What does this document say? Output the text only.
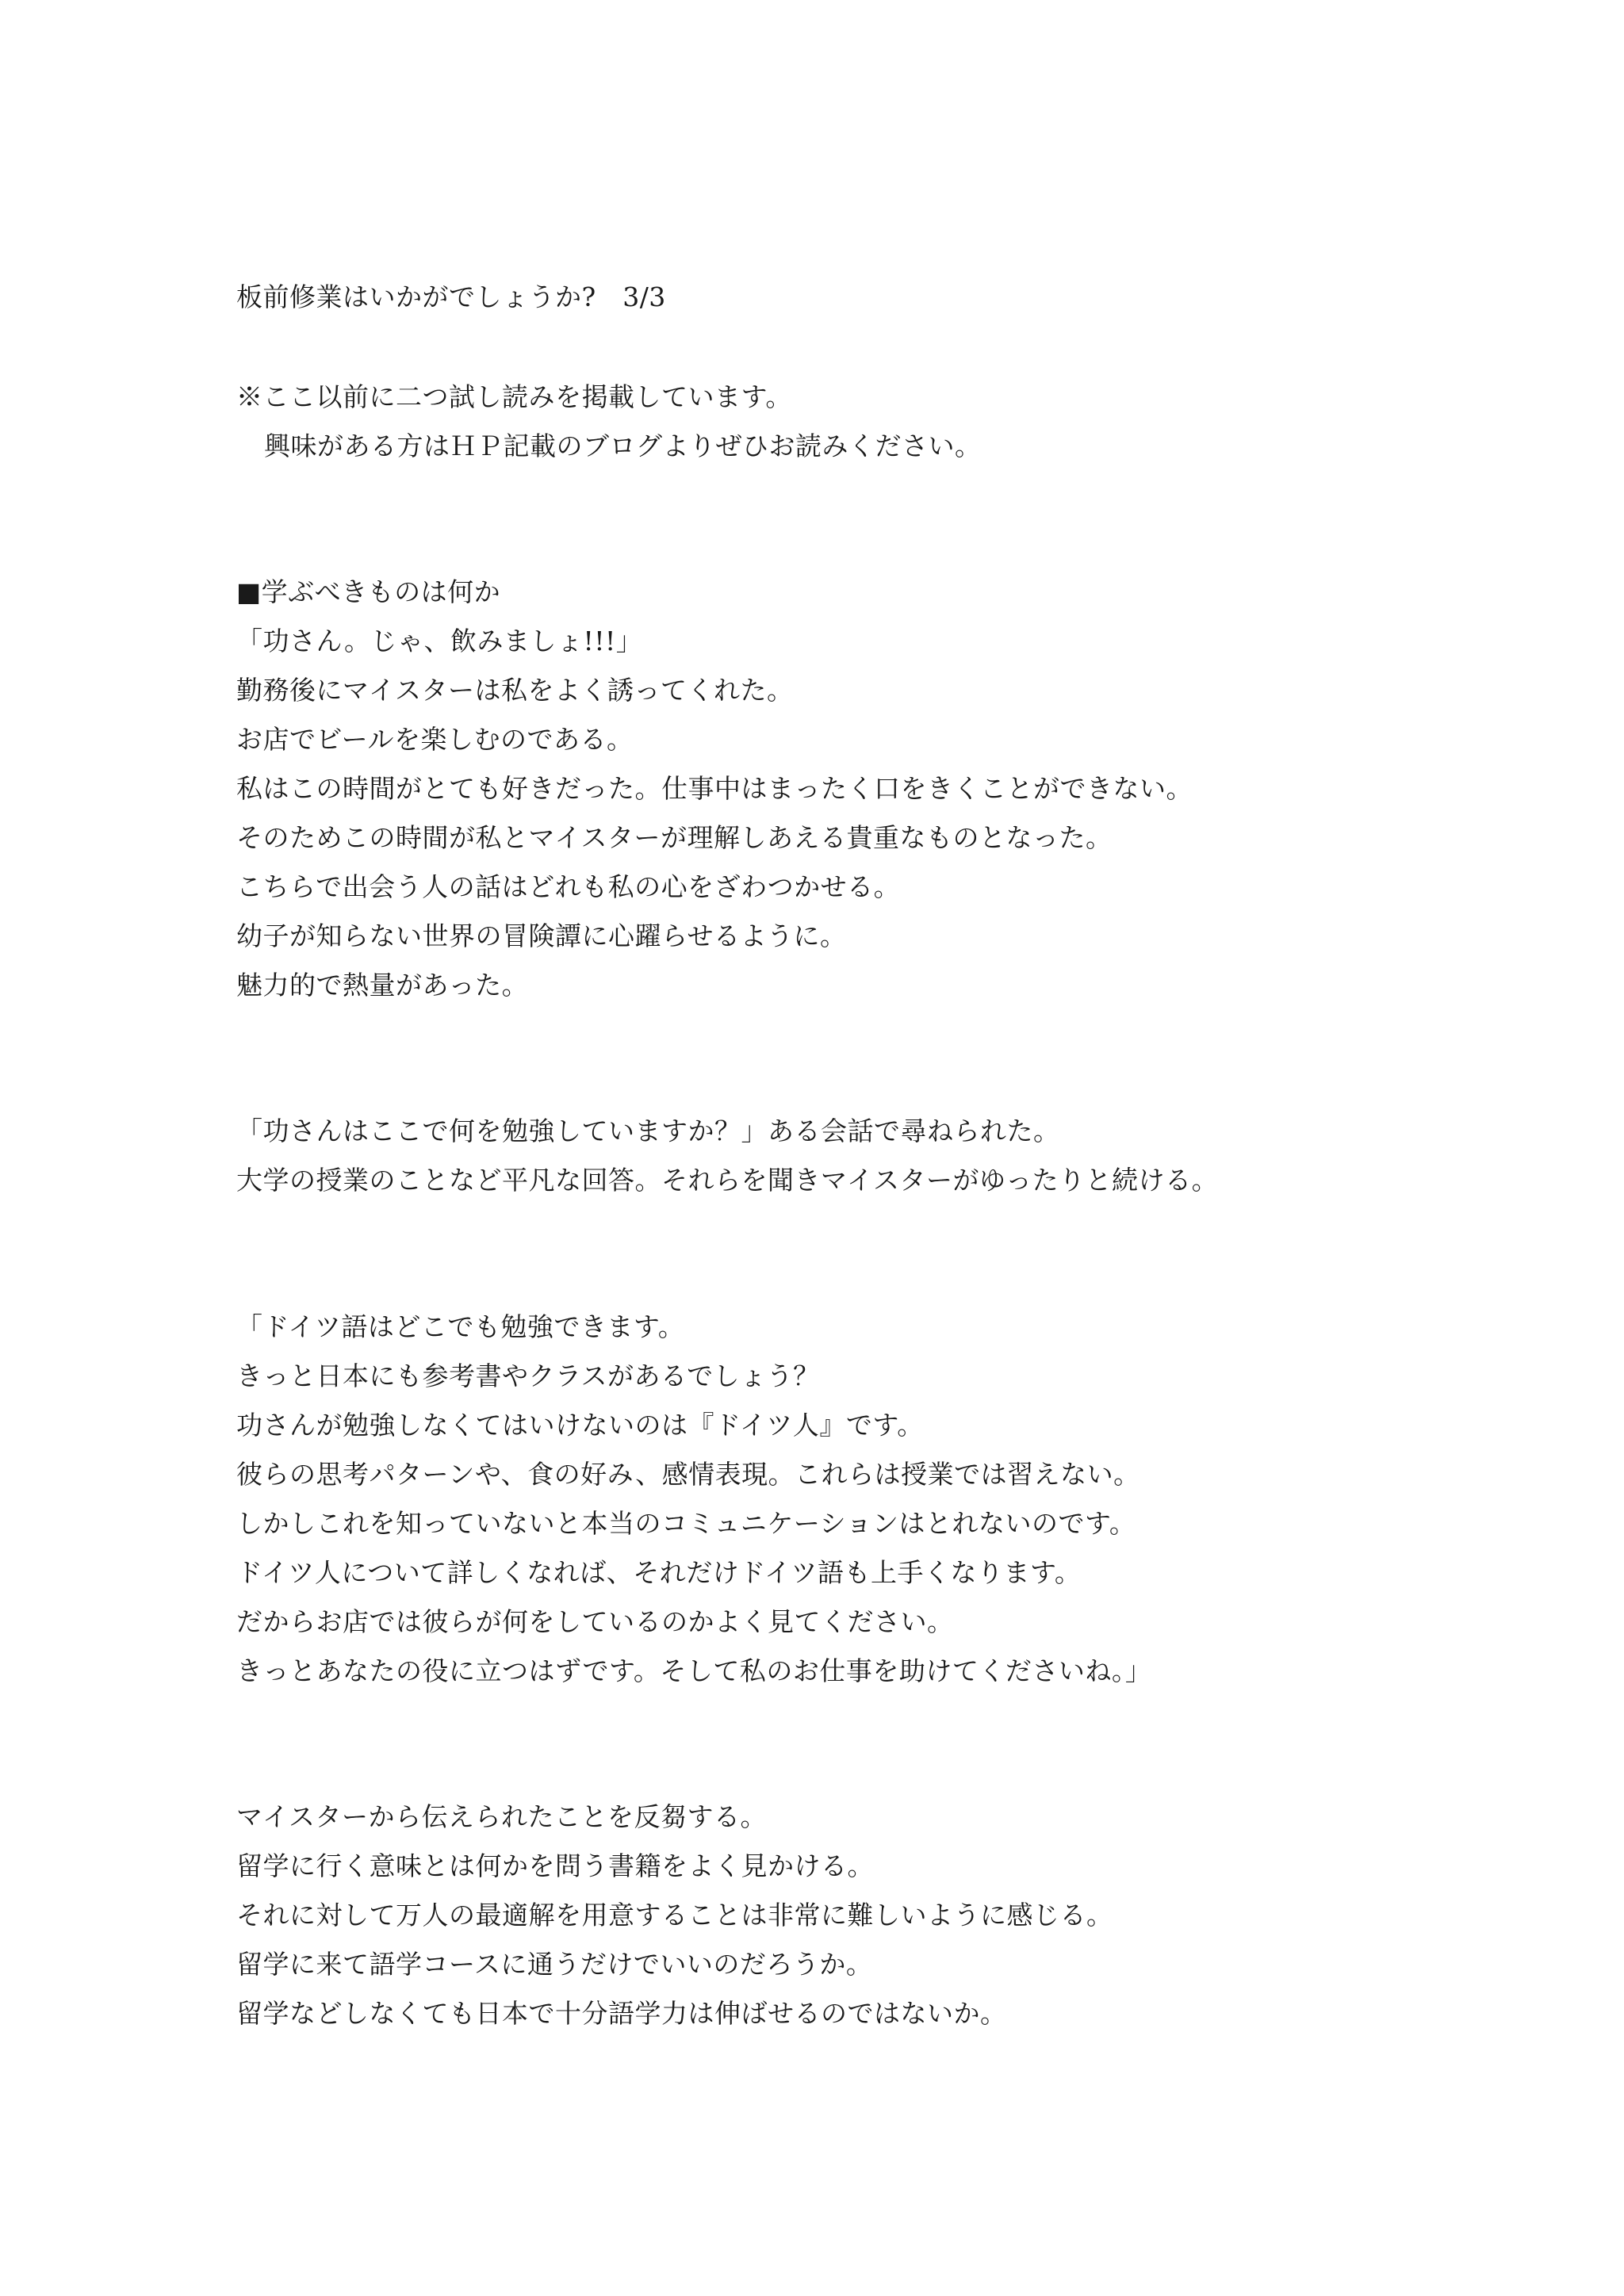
板前修業はいかがでしょうか?　3/3

※ここ以前に二つ試し読みを掲載しています。

興味がある方はＨＰ記載のブログよりぜひお読みください。

■学ぶべきものは何か

「功さん。じゃ、飲みましょ!!!」

勤務後にマイスターは私をよく誘ってくれた。

お店でビールを楽しむのである。

私はこの時間がとても好きだった。仕事中はまったく口をきくことができない。

そのためこの時間が私とマイスターが理解しあえる貴重なものとなった。

こちらで出会う人の話はどれも私の心をざわつかせる。

幼子が知らない世界の冒険譚に心躍らせるように。

魅力的で熱量があった。

「功さんはここで何を勉強していますか？」ある会話で尋ねられた。

大学の授業のことなど平凡な回答。それらを聞きマイスターがゆったりと続ける。

「ドイツ語はどこでも勉強できます。

きっと日本にも参考書やクラスがあるでしょう？

功さんが勉強しなくてはいけないのは『ドイツ人』です。

彼らの思考パターンや、食の好み、感情表現。これらは授業では習えない。

しかしこれを知っていないと本当のコミュニケーションはとれないのです。

ドイツ人について詳しくなれば、それだけドイツ語も上手くなります。

だからお店では彼らが何をしているのかよく見てください。

きっとあなたの役に立つはずです。そして私のお仕事を助けてくださいね。」

マイスターから伝えられたことを反芻する。

留学に行く意味とは何かを問う書籍をよく見かける。

それに対して万人の最適解を用意することは非常に難しいように感じる。

留学に来て語学コースに通うだけでいいのだろうか。

留学などしなくても日本で十分語学力は伸ばせるのではないか。
